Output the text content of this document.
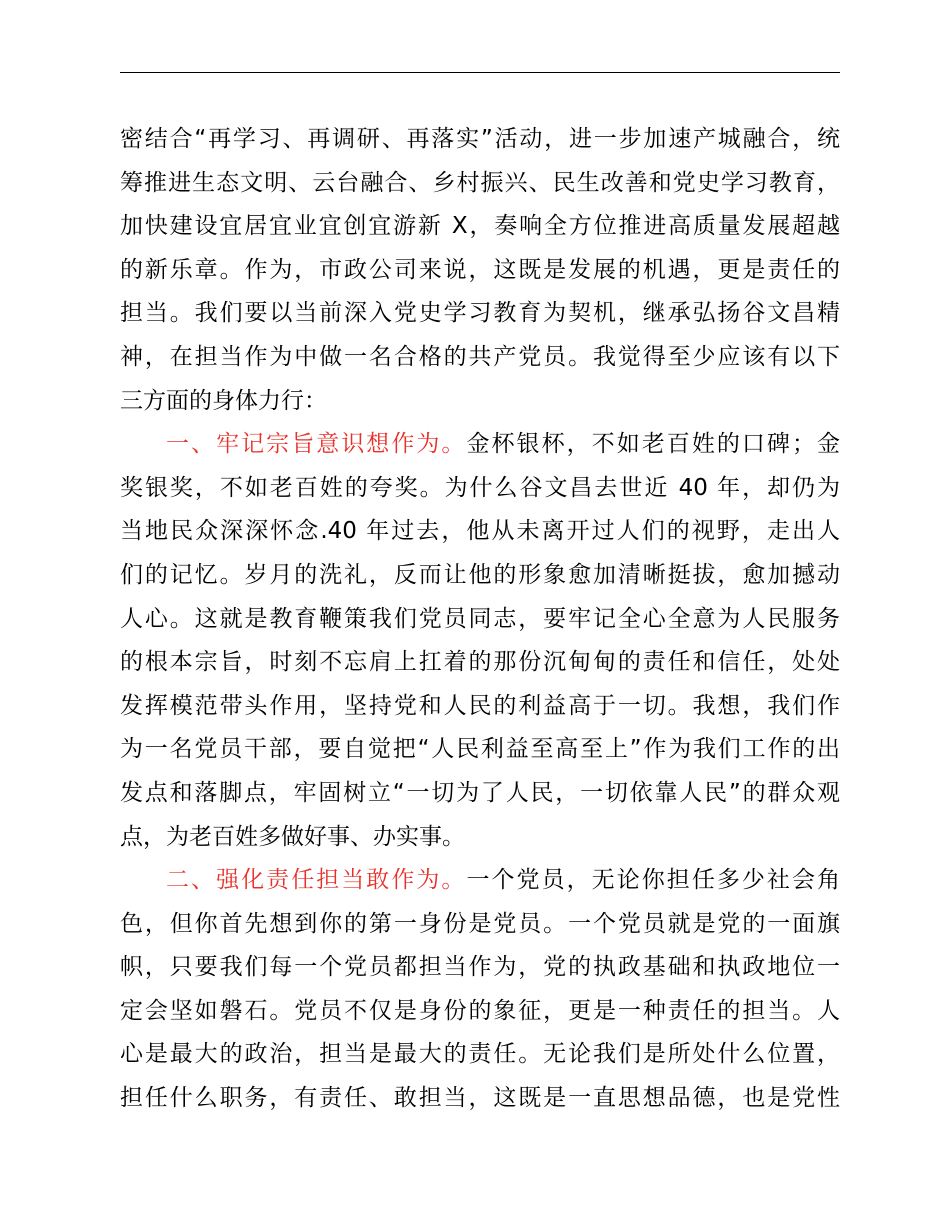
密结合“再学习、再调研、再落实”活动，进一步加速产城融合，统
筹推进生态文明、云台融合、乡村振兴、民生改善和党史学习教育，
加快建设宜居宜业宜创宜游新 X，奏响全方位推进高质量发展超越
的新乐章。作为，市政公司来说，这既是发展的机遇，更是责任的
担当。我们要以当前深入党史学习教育为契机，继承弘扬谷文昌精
神，在担当作为中做一名合格的共产党员。我觉得至少应该有以下
三方面的身体力行：
一、牢记宗旨意识想作为。金杯银杯，不如老百姓的口碑；金
奖银奖，不如老百姓的夸奖。为什么谷文昌去世近 40 年，却仍为
当地民众深深怀念.40 年过去，他从未离开过人们的视野，走出人
们的记忆。岁月的洗礼，反而让他的形象愈加清晰挺拔，愈加撼动
人心。这就是教育鞭策我们党员同志，要牢记全心全意为人民服务
的根本宗旨，时刻不忘肩上扛着的那份沉甸甸的责任和信任，处处
发挥模范带头作用，坚持党和人民的利益高于一切。我想，我们作
为一名党员干部，要自觉把“人民利益至高至上”作为我们工作的出
发点和落脚点，牢固树立“一切为了人民，一切依靠人民”的群众观
点，为老百姓多做好事、办实事。
二、强化责任担当敢作为。一个党员，无论你担任多少社会角
色，但你首先想到你的第一身份是党员。一个党员就是党的一面旗
帜，只要我们每一个党员都担当作为，党的执政基础和执政地位一
定会坚如磐石。党员不仅是身份的象征，更是一种责任的担当。人
心是最大的政治，担当是最大的责任。无论我们是所处什么位置，
担任什么职务，有责任、敢担当，这既是一直思想品德，也是党性
